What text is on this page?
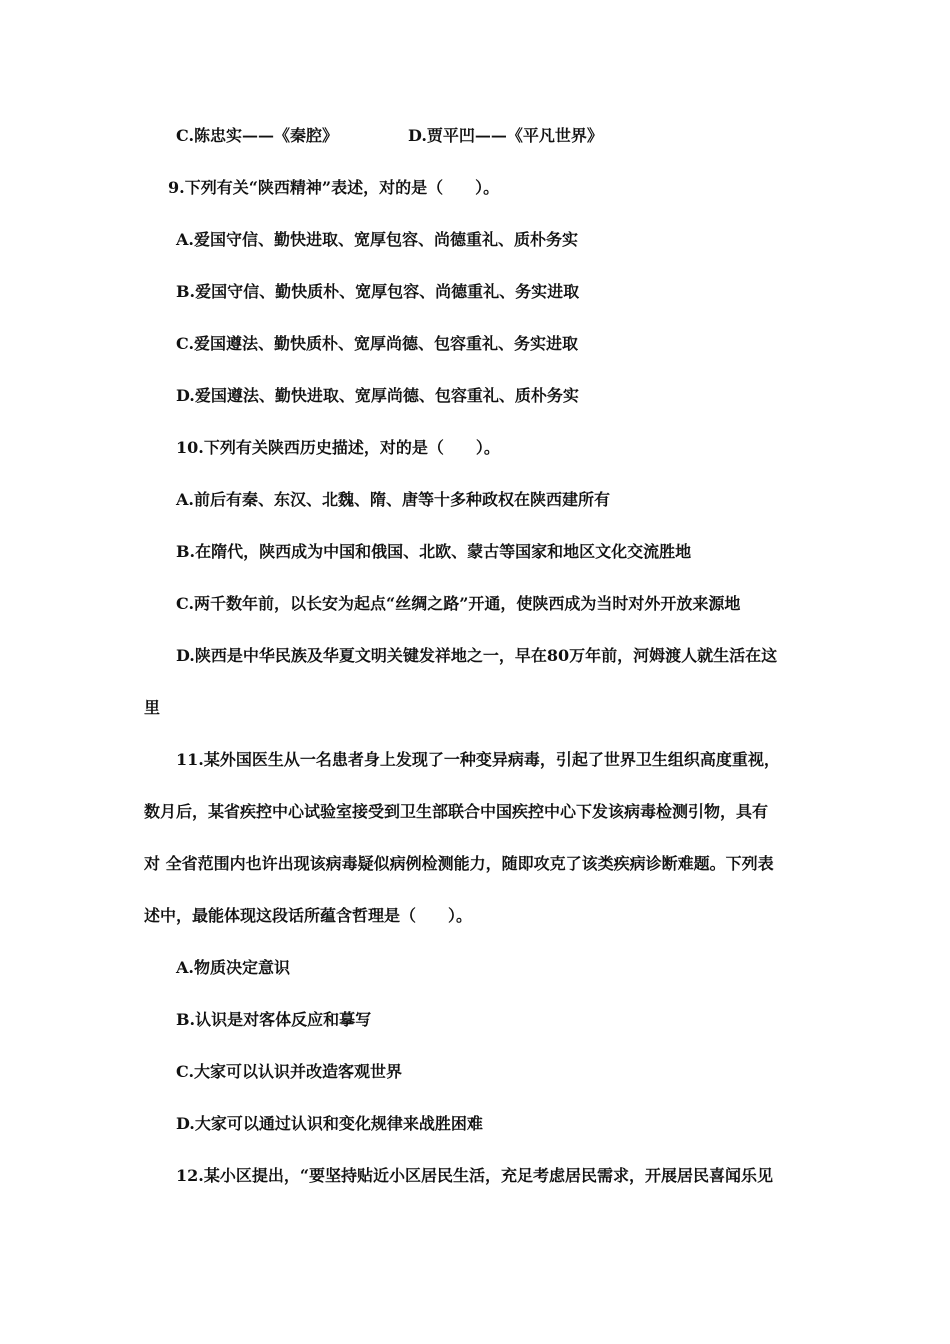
C.陈忠实——《秦腔》	D.贾平凹——《平凡世界》
9.下列有关“陕西精神”表述，对的是（　　）。
A.爱国守信、勤快进取、宽厚包容、尚德重礼、质朴务实
B.爱国守信、勤快质朴、宽厚包容、尚德重礼、务实进取
C.爱国遵法、勤快质朴、宽厚尚德、包容重礼、务实进取
D.爱国遵法、勤快进取、宽厚尚德、包容重礼、质朴务实
10.下列有关陕西历史描述，对的是（　　）。
A.前后有秦、东汉、北魏、隋、唐等十多种政权在陕西建所有
B.在隋代，陕西成为中国和俄国、北欧、蒙古等国家和地区文化交流胜地
C.两千数年前，以长安为起点“丝绸之路”开通，使陕西成为当时对外开放来源地
D.陕西是中华民族及华夏文明关键发祥地之一，早在80万年前，河姆渡人就生活在这
里
11.某外国医生从一名患者身上发现了一种变异病毒，引起了世界卫生组织高度重视，
数月后，某省疾控中心试验室接受到卫生部联合中国疾控中心下发该病毒检测引物，具有
对 全省范围内也许出现该病毒疑似病例检测能力，随即攻克了该类疾病诊断难题。下列表
述中，最能体现这段话所蕴含哲理是（　　）。
A.物质决定意识
B.认识是对客体反应和摹写
C.大家可以认识并改造客观世界
D.大家可以通过认识和变化规律来战胜困难
12.某小区提出，“要坚持贴近小区居民生活，充足考虑居民需求，开展居民喜闻乐见
